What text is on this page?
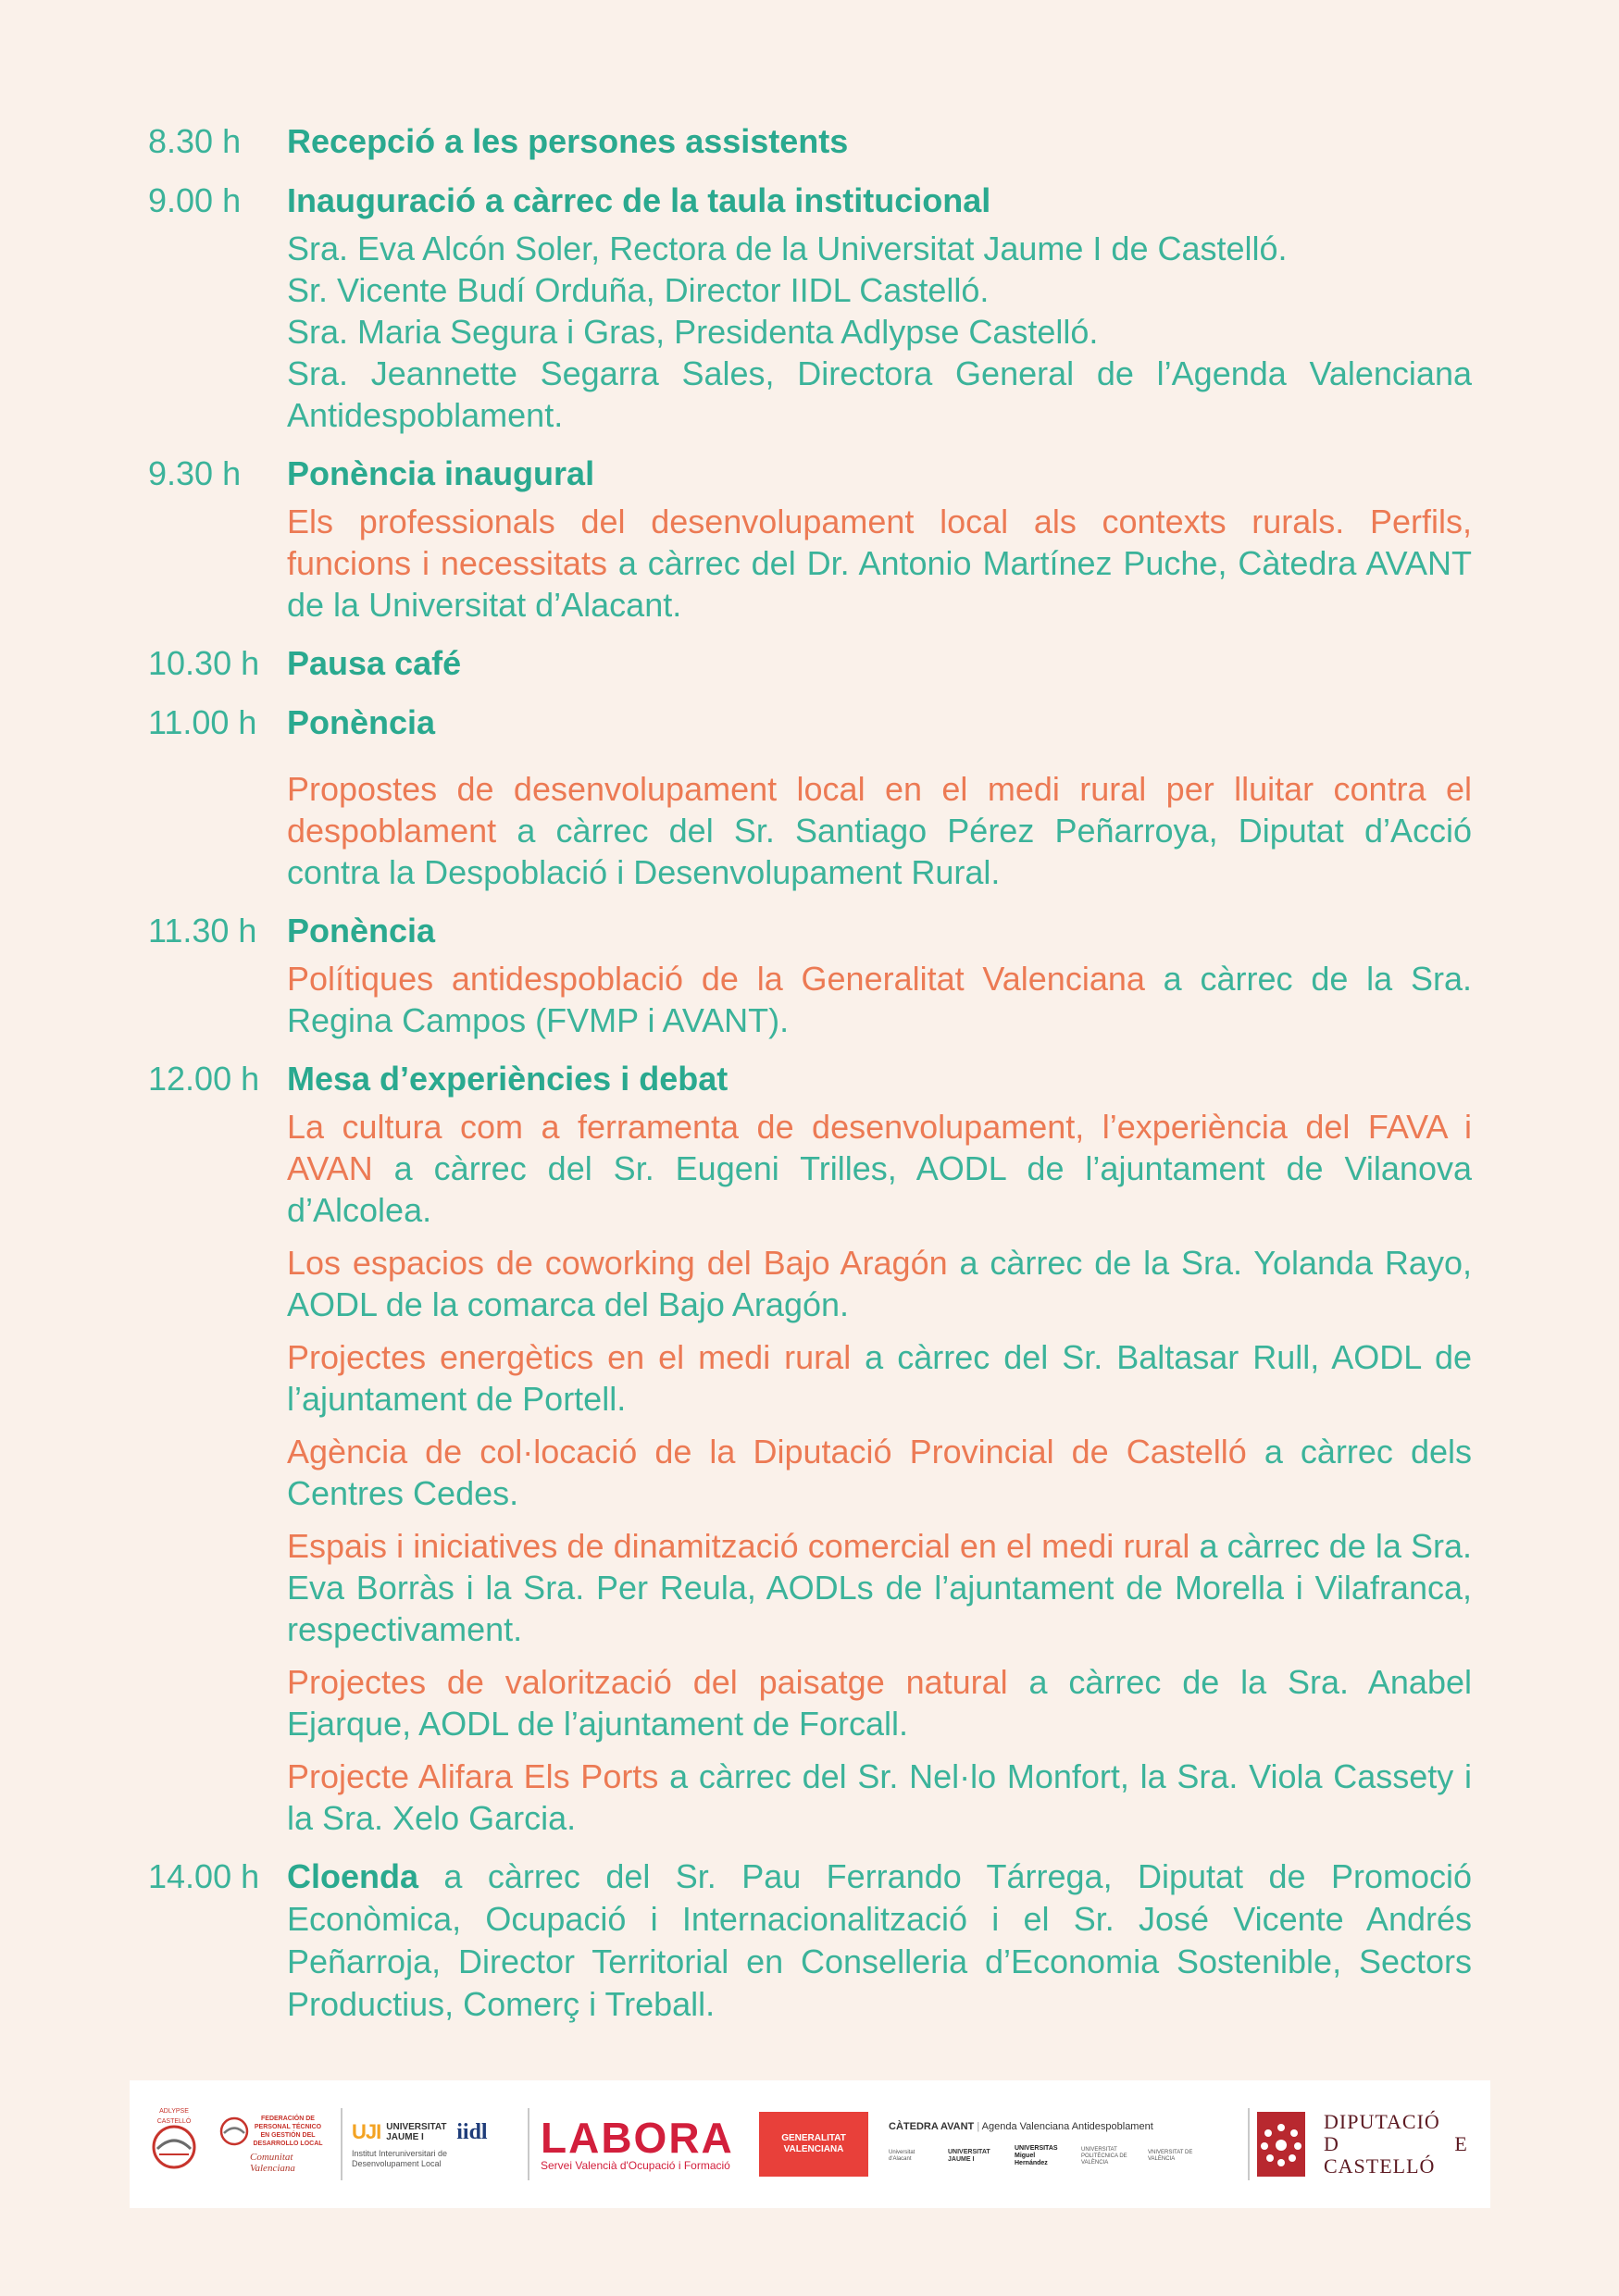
8.30 h	Recepció a les persones assistents
9.00 h	Inauguració a càrrec de la taula institucional
Sra. Eva Alcón Soler, Rectora de la Universitat Jaume I de Castelló.
Sr. Vicente Budí Orduña, Director IIDL Castelló.
Sra. Maria Segura i Gras, Presidenta Adlypse Castelló.
Sra. Jeannette Segarra Sales, Directora General de l’Agenda Valenciana Antidespoblament.
9.30 h	Ponència inaugural
Els professionals del desenvolupament local als contexts rurals. Perfils, funcions i necessitats a càrrec del Dr. Antonio Martínez Puche, Càtedra AVANT de la Universitat d’Alacant.
10.30 h Pausa café
11.00 h Ponència
Propostes de desenvolupament local en el medi rural per lluitar contra el despoblament a càrrec del Sr. Santiago Pérez Peñarroya, Diputat d’Acció contra la Despoblació i Desenvolupament Rural.
11.30 h Ponència
Polítiques antidespoblació de la Generalitat Valenciana a càrrec de la Sra. Regina Campos (FVMP i AVANT).
12.00 h Mesa d’experiències i debat
La cultura com a ferramenta de desenvolupament, l’experiència del FAVA i AVAN a càrrec del Sr. Eugeni Trilles, AODL de l’ajuntament de Vilanova d’Alcolea.
Los espacios de coworking del Bajo Aragón a càrrec de la Sra. Yolanda Rayo, AODL de la comarca del Bajo Aragón.
Projectes energètics en el medi rural a càrrec del Sr. Baltasar Rull, AODL de l’ajuntament de Portell.
Agència de col·locació de la Diputació Provincial de Castelló a càrrec dels Centres Cedes.
Espais i iniciatives de dinamització comercial en el medi rural a càrrec de la Sra. Eva Borràs i la Sra. Per Reula, AODLs de l’ajuntament de Morella i Vilafranca, respectivament.
Projectes de valorització del paisatge natural a càrrec de la Sra. Anabel Ejarque, AODL de l’ajuntament de Forcall.
Projecte Alifara Els Ports a càrrec del Sr. Nel·lo Monfort, la Sra. Viola Cassety i la Sra. Xelo Garcia.
14.00 h Cloenda a càrrec del Sr. Pau Ferrando Tárrega, Diputat de Promoció Econòmica, Ocupació i Internacionalització i el Sr. José Vicente Andrés Peñarroja, Director Territorial en Conselleria d’Economia Sostenible, Sectors Productius, Comerç i Treball.
ADLYPSE CASTELLÓ	FEDERACIÓN DE PERSONAL TÉCNICO EN GESTIÓN DEL DESARROLLO LOCAL
Comunitat Valenciana
UJI UNIVERSITAT JAUME I	iidl
Institut Interuniversitari de Desenvolupament Local
LABORA
Servei Valencià d'Ocupació i Formació
GENERALITAT VALENCIANA
CÀTEDRA AVANT | Agenda Valenciana Antidespoblament
Universitat d'Alacant
UNIVERSITAT JAUME I
UNIVERSITAS Miguel Hernández
UNIVERSITAT POLITÈCNICA DE VALÈNCIA
VNIVERSITAT DE VALÈNCIA
DIPUTACIÓ
D E
CASTELLÓ
